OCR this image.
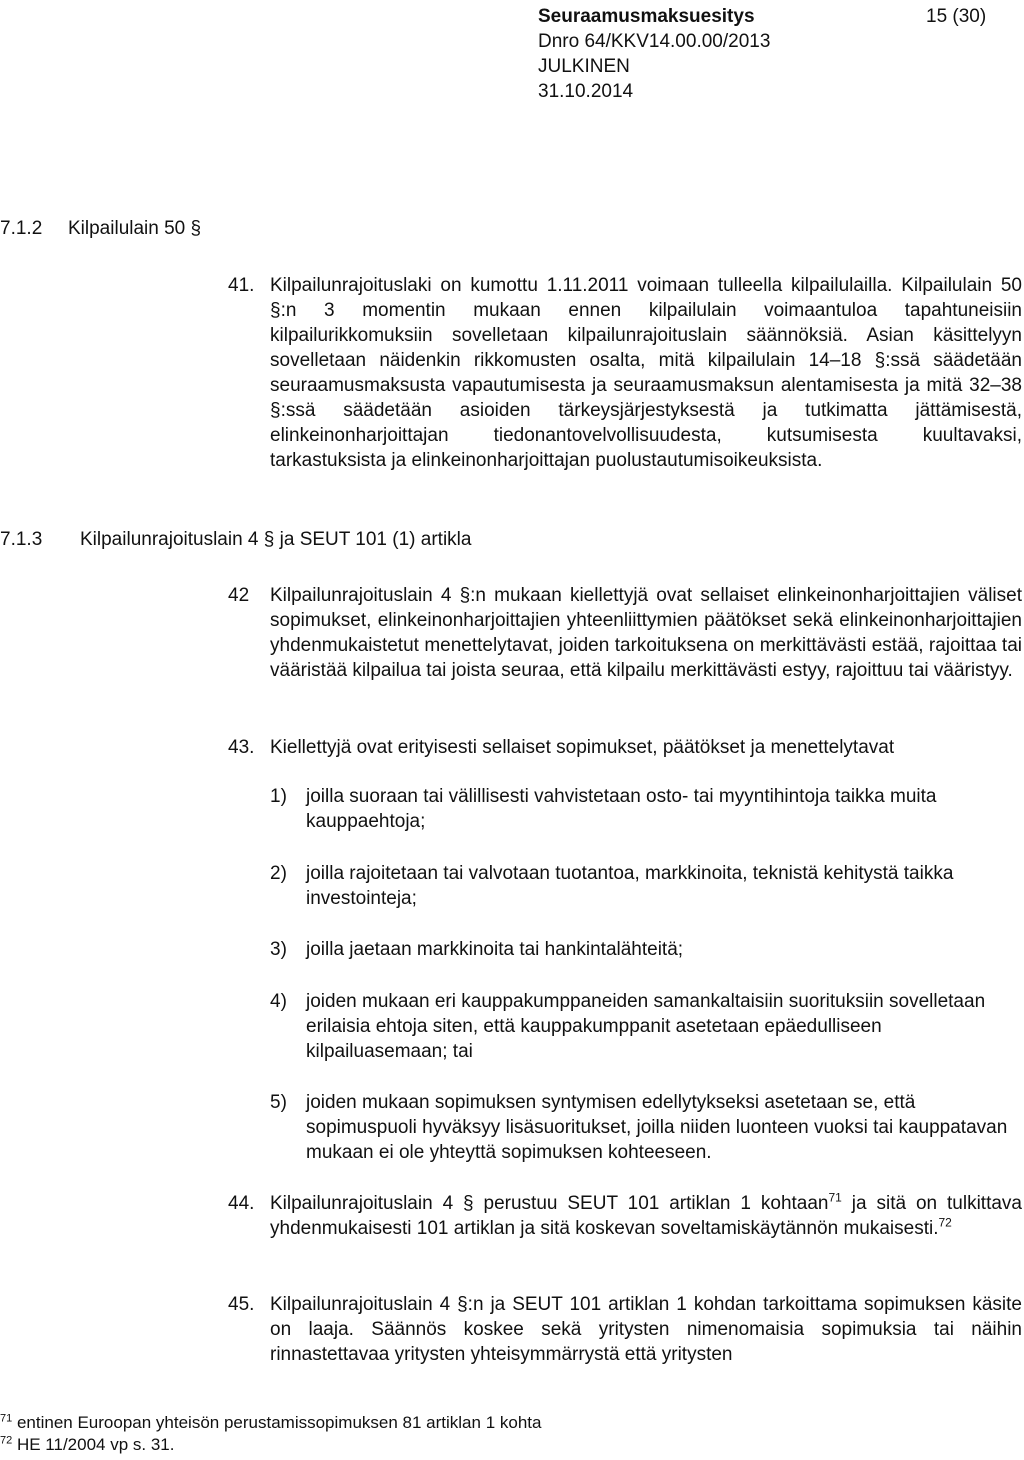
Seuraamusmaksuesitys
Dnro 64/KKV14.00.00/2013
JULKINEN
31.10.2014
15 (30)
7.1.2 Kilpailulain 50 §
41. Kilpailunrajoituslaki on kumottu 1.11.2011 voimaan tulleella kilpailulailla. Kilpailulain 50 §:n 3 momentin mukaan ennen kilpailulain voimaantuloa tapahtuneisiin kilpailurikkomuksiin sovelletaan kilpailunrajoituslain säännöksiä. Asian käsittelyyn sovelletaan näidenkin rikkomusten osalta, mitä kilpailulain 14–18 §:ssä säädetään seuraamusmaksusta vapautumisesta ja seuraamusmaksun alentamisesta ja mitä 32–38 §:ssä säädetään asioiden tärkeysjärjestyksestä ja tutkimatta jättämisestä, elinkeinonharjoittajan tiedonantovelvollisuudesta, kutsumisesta kuultavaksi, tarkastuksista ja elinkeinonharjoittajan puolustautumisoikeuksista.
7.1.3 Kilpailunrajoituslain 4 § ja SEUT 101 (1) artikla
42 Kilpailunrajoituslain 4 §:n mukaan kiellettyjä ovat sellaiset elinkeinonharjoittajien väliset sopimukset, elinkeinonharjoittajien yhteenliittymien päätökset sekä elinkeinonharjoittajien yhdenmukaistetut menettelytavat, joiden tarkoituksena on merkittävästi estää, rajoittaa tai vääristää kilpailua tai joista seuraa, että kilpailu merkittävästi estyy, rajoittuu tai vääristyy.
43. Kiellettyjä ovat erityisesti sellaiset sopimukset, päätökset ja menettelytavat
1) joilla suoraan tai välillisesti vahvistetaan osto- tai myyntihintoja taikka muita kauppaehtoja;
2) joilla rajoitetaan tai valvotaan tuotantoa, markkinoita, teknistä kehitystä taikka investointeja;
3) joilla jaetaan markkinoita tai hankintalähteitä;
4) joiden mukaan eri kauppakumppaneiden samankaltaisiin suorituksiin sovelletaan erilaisia ehtoja siten, että kauppakumppanit asetetaan epäedulliseen kilpailuasemaan; tai
5) joiden mukaan sopimuksen syntymisen edellytykseksi asetetaan se, että sopimuspuoli hyväksyy lisäsuoritukset, joilla niiden luonteen vuoksi tai kauppatavan mukaan ei ole yhteyttä sopimuksen kohteeseen.
44. Kilpailunrajoituslain 4 § perustuu SEUT 101 artiklan 1 kohtaan$^{71}$ ja sitä on tulkittava yhdenmukaisesti 101 artiklan ja sitä koskevan soveltamiskäytännön mukaisesti.$^{72}$
45. Kilpailunrajoituslain 4 §:n ja SEUT 101 artiklan 1 kohdan tarkoittama sopimuksen käsite on laaja. Säännös koskee sekä yritysten nimenomaisia sopimuksia tai näihin rinnastettavaa yritysten yhteisymmärrystä että yritysten
$^{71}$ entinen Euroopan yhteisön perustamissopimuksen 81 artiklan 1 kohta
$^{72}$ HE 11/2004 vp s. 31.
